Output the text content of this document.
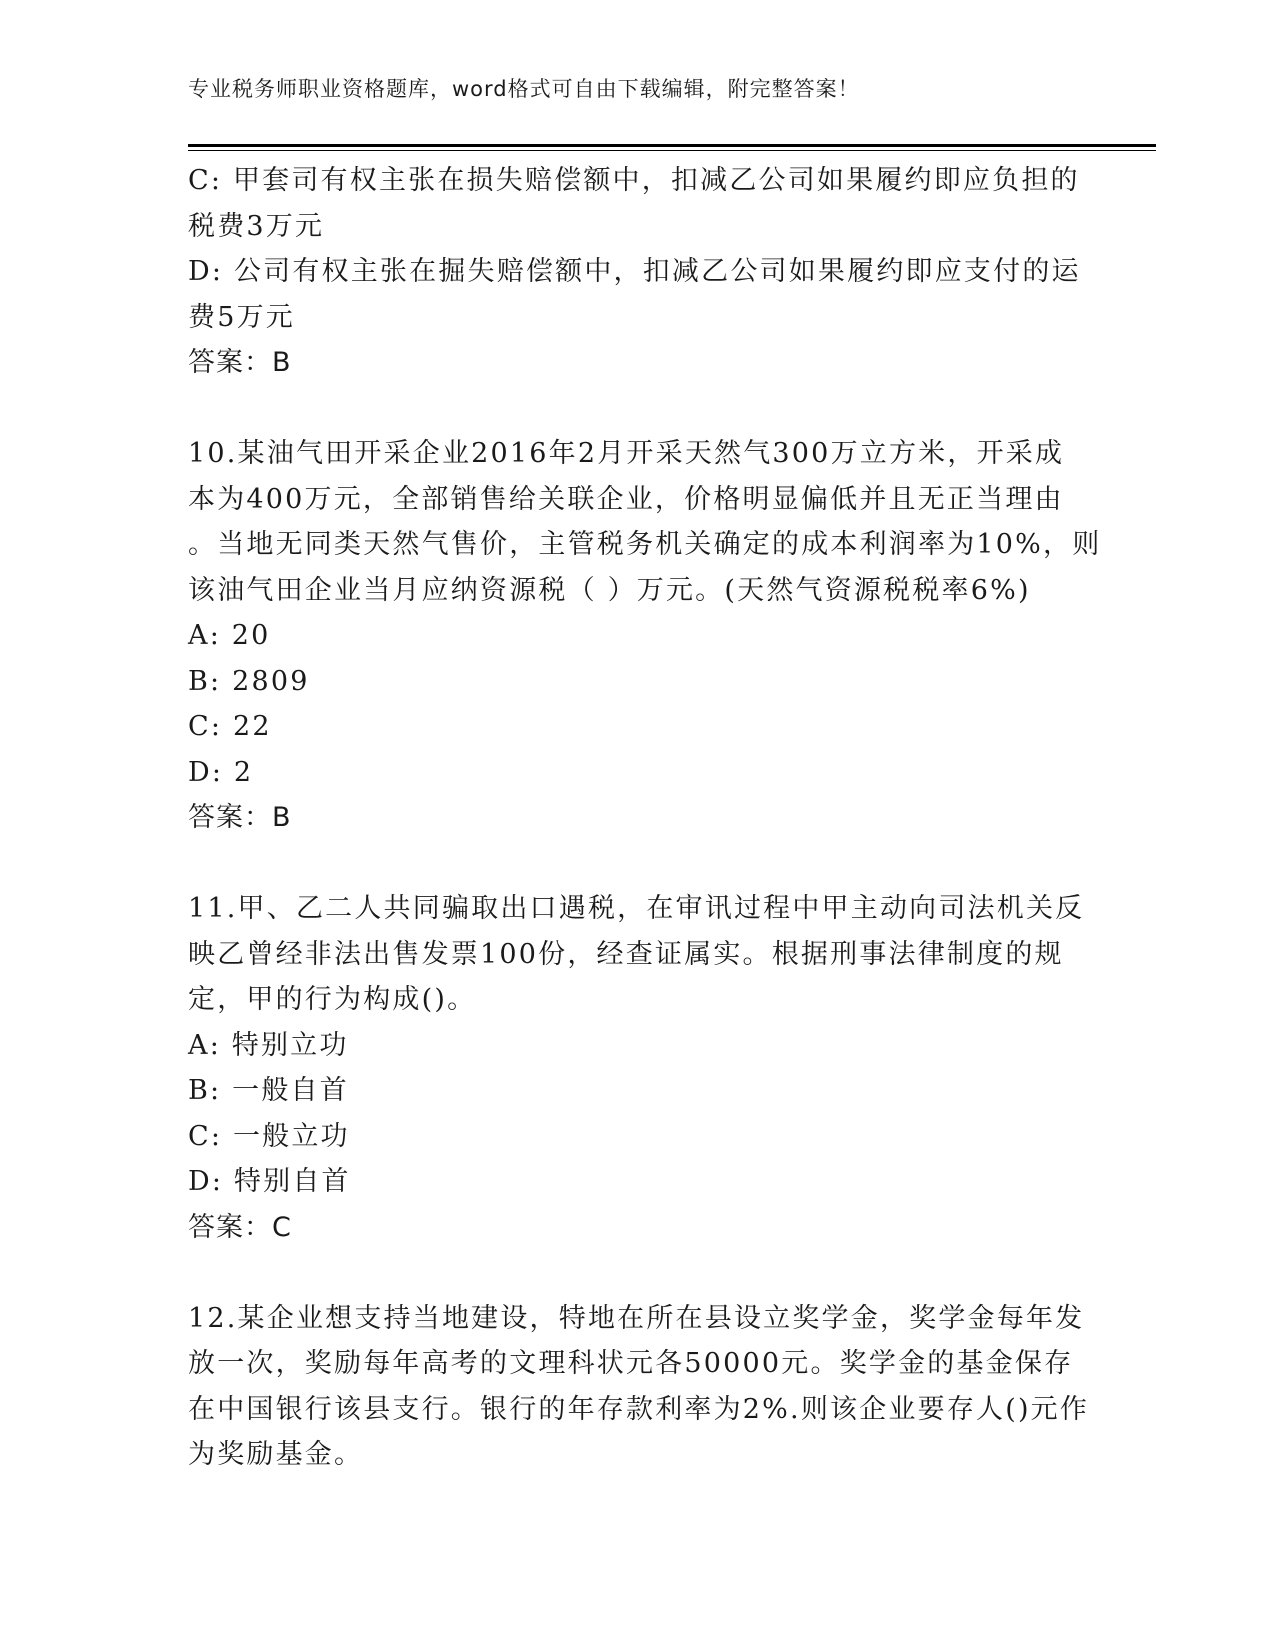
专业税务师职业资格题库，word格式可自由下载编辑，附完整答案！

C: 甲套司有权主张在损失赔偿额中，扣减乙公司如果履约即应负担的

税费3万元

D: 公司有权主张在掘失赔偿额中，扣减乙公司如果履约即应支付的运

费5万元

答案：B

10.某油气田开采企业2016年2月开采天然气300万立方米，开采成

本为400万元，全部销售给关联企业，价格明显偏低并且无正当理由

。当地无同类天然气售价，主管税务机关确定的成本利润率为10%，则

该油气田企业当月应纳资源税（ ）万元。(天然气资源税税率6%)

A: 20

B: 2809

C: 22

D: 2

答案：B

11.甲、乙二人共同骗取出口遇税，在审讯过程中甲主动向司法机关反

映乙曾经非法出售发票100份，经查证属实。根据刑事法律制度的规

定，甲的行为构成()。

A: 特别立功

B: 一般自首

C: 一般立功

D: 特别自首

答案：C

12.某企业想支持当地建设，特地在所在县设立奖学金，奖学金每年发

放一次，奖励每年高考的文理科状元各50000元。奖学金的基金保存

在中国银行该县支行。银行的年存款利率为2%.则该企业要存人()元作

为奖励基金。
